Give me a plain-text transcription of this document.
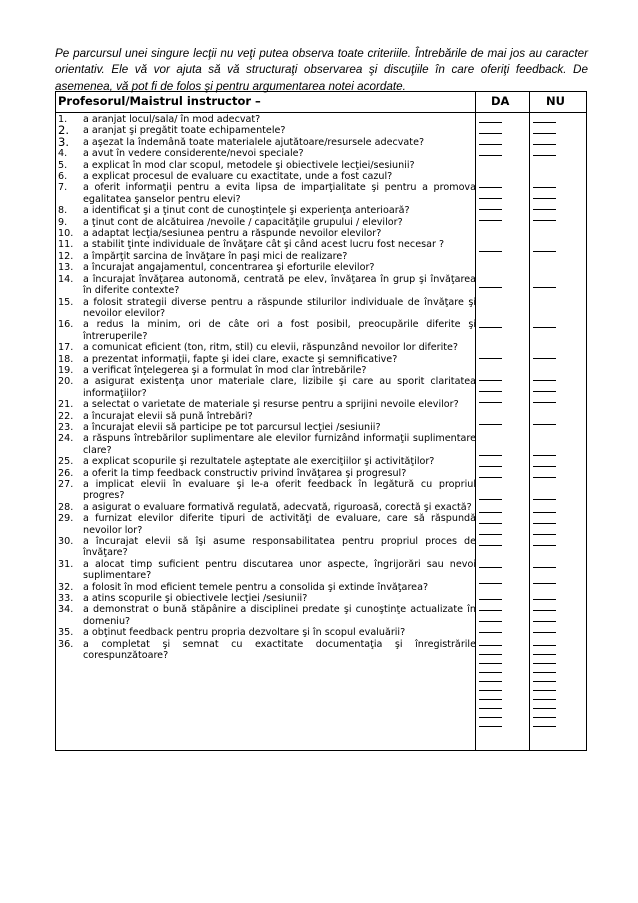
Pe parcursul unei singure lecţii nu veţi putea observa toate criteriile. Întrebările de mai jos au caracter orientativ. Ele vă vor ajuta să vă structuraţi observarea şi discuţiile în care oferiţi feedback. De asemenea, vă pot fi de folos şi pentru argumentarea notei acordate.
Profesorul/Maistrul instructor –	DA	NU
1.	a aranjat locul/sala/ în mod adecvat?
2.	a aranjat şi pregătit toate echipamentele?
3.	a aşezat la îndemână toate materialele ajutătoare/resursele adecvate?
4.	a avut în vedere considerente/nevoi speciale?
5.	a explicat în mod clar scopul, metodele şi obiectivele lecţiei/sesiunii?
6.	a explicat procesul de evaluare cu exactitate, unde a fost cazul?
7.	a oferit informaţii pentru a evita lipsa de imparţialitate şi pentru a promova egalitatea şanselor pentru elevi?
8.	a identificat şi a ţinut cont de cunoştinţele şi experienţa anterioară?
9.	a ţinut cont de alcătuirea /nevoile / capacităţile grupului / elevilor?
10.	a adaptat lecţia/sesiunea pentru a răspunde nevoilor elevilor?
11.	a stabilit ţinte individuale de învăţare cât şi când acest lucru fost necesar ?
12.	a împărţit sarcina de învăţare în paşi mici de realizare?
13.	a încurajat angajamentul, concentrarea şi eforturile elevilor?
14.	a încurajat învăţarea autonomă, centrată pe elev, învăţarea în grup şi învăţarea în diferite contexte?
15.	a folosit strategii diverse pentru a răspunde stilurilor individuale de învăţare şi nevoilor elevilor?
16.	a redus la minim, ori de câte ori a fost posibil, preocupările diferite şi întreruperile?
17.	a comunicat eficient (ton, ritm, stil) cu elevii, răspunzând nevoilor lor diferite?
18.	a prezentat informaţii, fapte şi idei clare, exacte şi semnificative?
19.	a verificat înţelegerea şi a formulat în mod clar întrebările?
20.	a asigurat existenţa unor materiale clare, lizibile şi care au sporit claritatea informaţiilor?
21.	a selectat o varietate de materiale şi resurse pentru a sprijini nevoile elevilor?
22.	a încurajat elevii să pună întrebări?
23.	a încurajat elevii să participe pe tot parcursul lecţiei /sesiunii?
24.	a răspuns întrebărilor suplimentare ale elevilor furnizând informaţii suplimentare clare?
25.	a explicat scopurile şi rezultatele aşteptate ale exerciţiilor şi activităţilor?
26.	a oferit la timp feedback constructiv privind învăţarea şi progresul?
27.	a implicat elevii în evaluare şi le-a oferit feedback în legătură cu propriul progres?
28.	a asigurat o evaluare formativă regulată, adecvată, riguroasă, corectă şi exactă?
29.	a furnizat elevilor diferite tipuri de activităţi de evaluare, care să răspundă nevoilor lor?
30.	a încurajat elevii să îşi asume responsabilitatea pentru propriul proces de învăţare?
31.	a alocat timp suficient pentru discutarea unor aspecte, îngrijorări sau nevoi suplimentare?
32.	a folosit în mod eficient temele pentru a consolida şi extinde învăţarea?
33.	a atins scopurile şi obiectivele lecţiei /sesiunii?
34.	a demonstrat o bună stăpânire a disciplinei predate şi cunoştinţe actualizate în domeniu?
35.	a obţinut feedback pentru propria dezvoltare şi în scopul evaluării?
36.	a completat şi semnat cu exactitate documentaţia şi înregistrările corespunzătoare?
